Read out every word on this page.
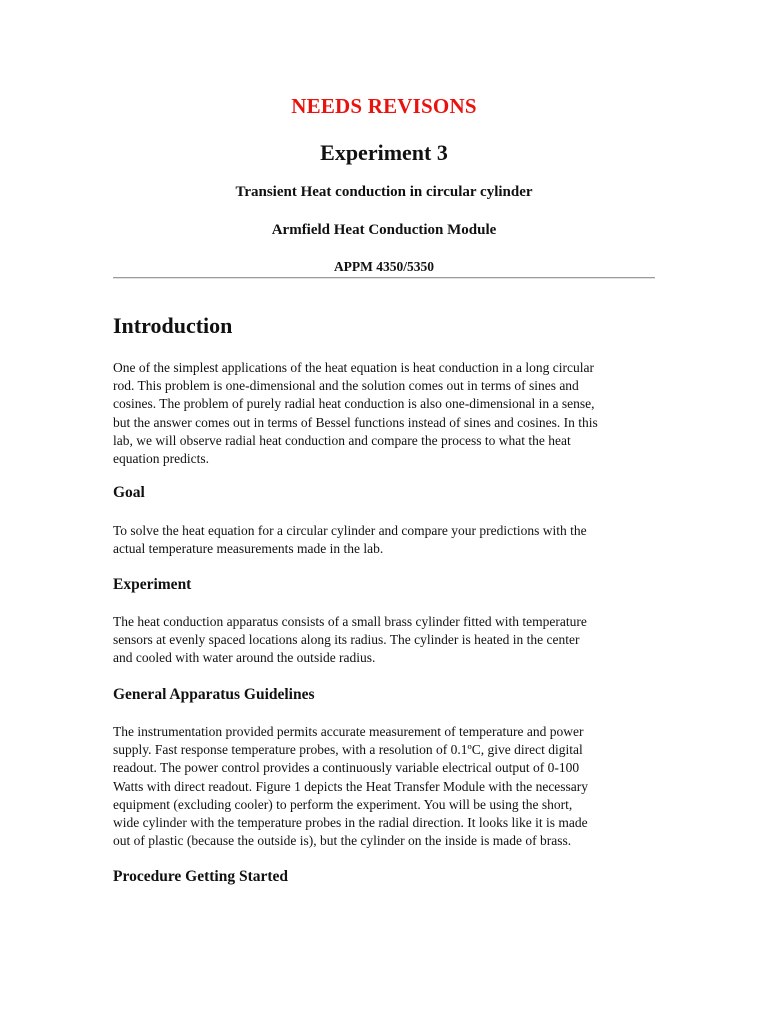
NEEDS REVISONS
Experiment 3
Transient Heat conduction in circular cylinder
Armfield Heat Conduction Module
APPM 4350/5350
Introduction
One of the simplest applications of the heat equation is heat conduction in a long circular
rod. This problem is one-dimensional and the solution comes out in terms of sines and
cosines. The problem of purely radial heat conduction is also one-dimensional in a sense,
but the answer comes out in terms of Bessel functions instead of sines and cosines. In this
lab, we will observe radial heat conduction and compare the process to what the heat
equation predicts.
Goal
To solve the heat equation for a circular cylinder and compare your predictions with the
actual temperature measurements made in the lab.
Experiment
The heat conduction apparatus consists of a small brass cylinder fitted with temperature
sensors at evenly spaced locations along its radius. The cylinder is heated in the center
and cooled with water around the outside radius.
General Apparatus Guidelines
The instrumentation provided permits accurate measurement of temperature and power
supply. Fast response temperature probes, with a resolution of 0.1ºC, give direct digital
readout. The power control provides a continuously variable electrical output of 0-100
Watts with direct readout. Figure 1 depicts the Heat Transfer Module with the necessary
equipment (excluding cooler) to perform the experiment. You will be using the short,
wide cylinder with the temperature probes in the radial direction. It looks like it is made
out of plastic (because the outside is), but the cylinder on the inside is made of brass.
Procedure Getting Started
